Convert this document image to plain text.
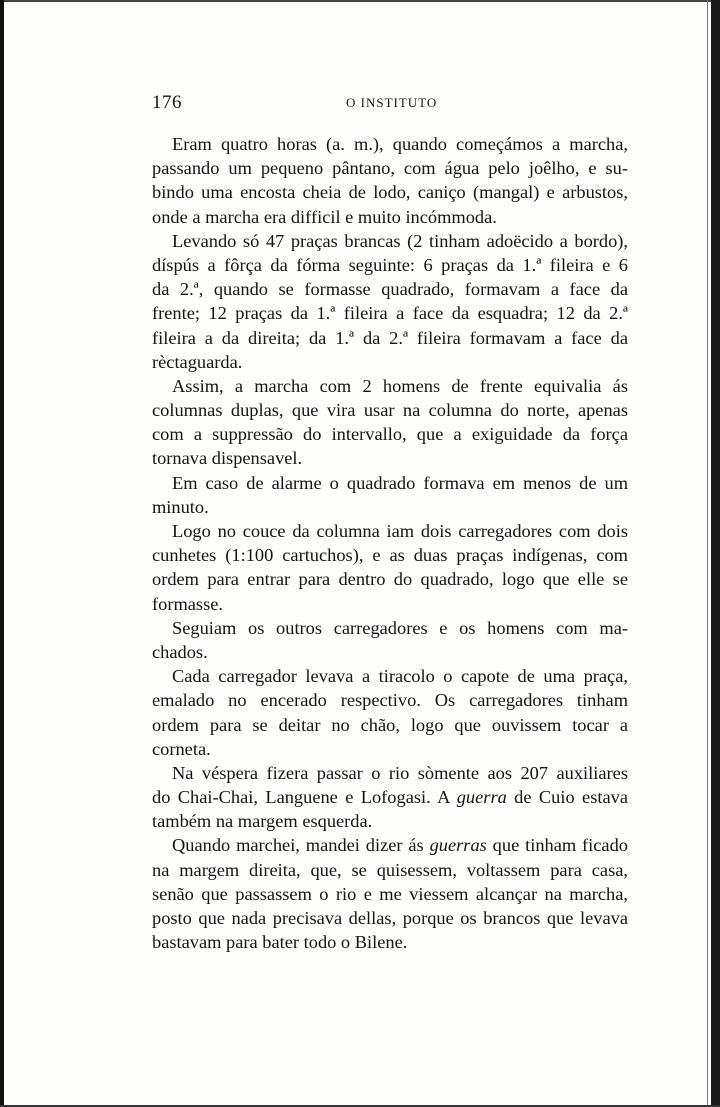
176	O INSTITUTO
Eram quatro horas (a. m.), quando começámos a marcha,
passando um pequeno pântano, com água pelo joêlho, e su-
bindo uma encosta cheia de lodo, caniço (mangal) e arbustos,
onde a marcha era difficil e muito incómmoda.
Levando só 47 praças brancas (2 tinham adoëcido a bordo),
díspús a fôrça da fórma seguinte: 6 praças da 1.ª fileira e 6
da 2.ª, quando se formasse quadrado, formavam a face da
frente; 12 praças da 1.ª fileira a face da esquadra; 12 da 2.ª
fileira a da direita; da 1.ª da 2.ª fileira formavam a face da
rèctaguarda.
Assim, a marcha com 2 homens de frente equivalia ás
columnas duplas, que vira usar na columna do norte, apenas
com a suppressão do intervallo, que a exiguidade da força
tornava dispensavel.
Em caso de alarme o quadrado formava em menos de um
minuto.
Logo no couce da columna iam dois carregadores com dois
cunhetes (1:100 cartuchos), e as duas praças indígenas, com
ordem para entrar para dentro do quadrado, logo que elle se
formasse.
Seguiam os outros carregadores e os homens com ma-
chados.
Cada carregador levava a tiracolo o capote de uma praça,
emalado no encerado respectivo. Os carregadores tinham
ordem para se deitar no chão, logo que ouvissem tocar a
corneta.
Na véspera fizera passar o rio sòmente aos 207 auxiliares
do Chai-Chai, Languene e Lofogasi. A guerra de Cuio estava
também na margem esquerda.
Quando marchei, mandei dizer ás guerras que tinham ficado
na margem direita, que, se quisessem, voltassem para casa,
senão que passassem o rio e me viessem alcançar na marcha,
posto que nada precisava dellas, porque os brancos que levava
bastavam para bater todo o Bilene.
